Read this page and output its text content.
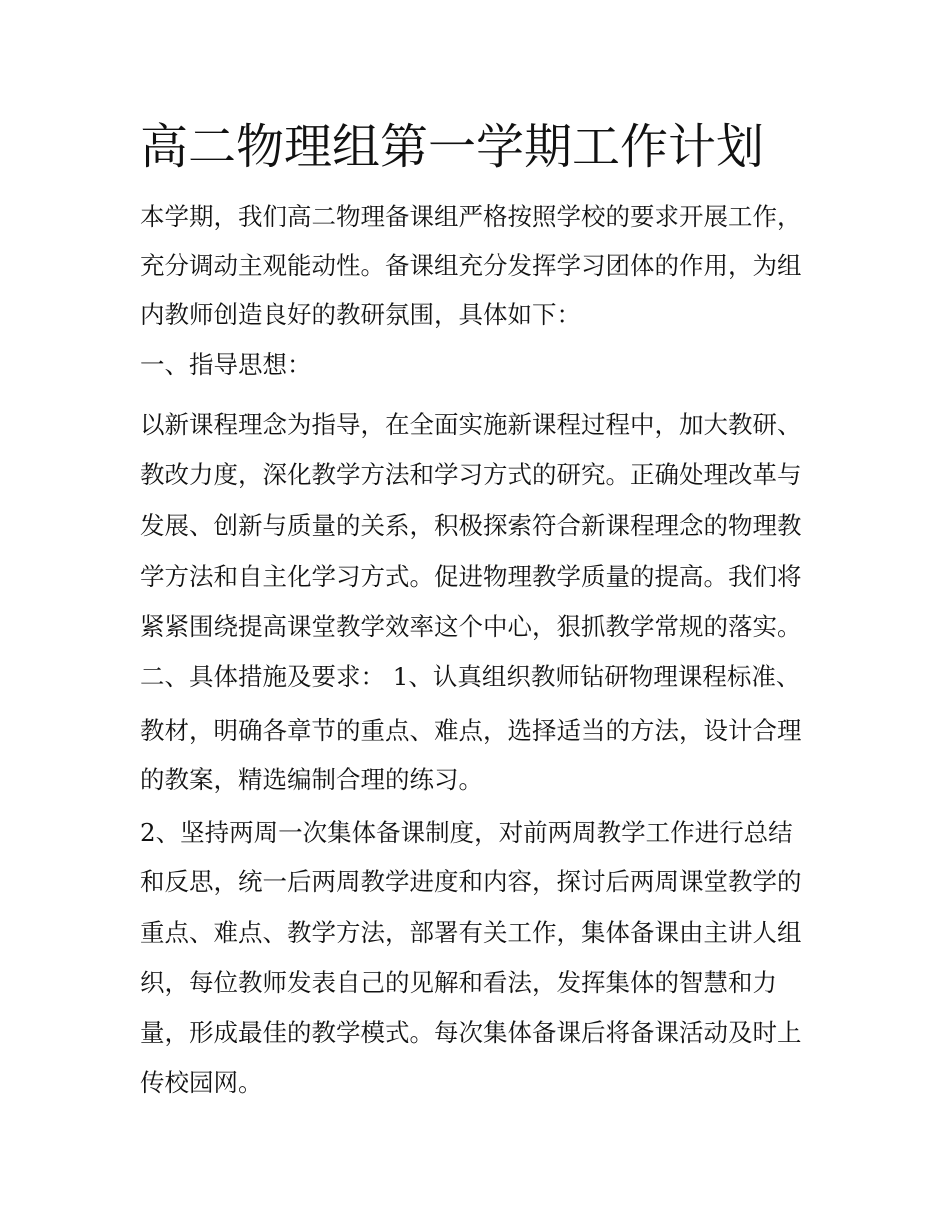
高二物理组第一学期工作计划

本学期，我们高二物理备课组严格按照学校的要求开展工作，

充分调动主观能动性。备课组充分发挥学习团体的作用，为组

内教师创造良好的教研氛围，具体如下：

一、指导思想：

以新课程理念为指导，在全面实施新课程过程中，加大教研、

教改力度，深化教学方法和学习方式的研究。正确处理改革与

发展、创新与质量的关系，积极探索符合新课程理念的物理教

学方法和自主化学习方式。促进物理教学质量的提高。我们将

紧紧围绕提高课堂教学效率这个中心，狠抓教学常规的落实。

二、具体措施及要求： 1、认真组织教师钻研物理课程标准、

教材，明确各章节的重点、难点，选择适当的方法，设计合理

的教案，精选编制合理的练习。

2、坚持两周一次集体备课制度，对前两周教学工作进行总结

和反思，统一后两周教学进度和内容，探讨后两周课堂教学的

重点、难点、教学方法，部署有关工作，集体备课由主讲人组

织，每位教师发表自己的见解和看法，发挥集体的智慧和力

量，形成最佳的教学模式。每次集体备课后将备课活动及时上

传校园网。
